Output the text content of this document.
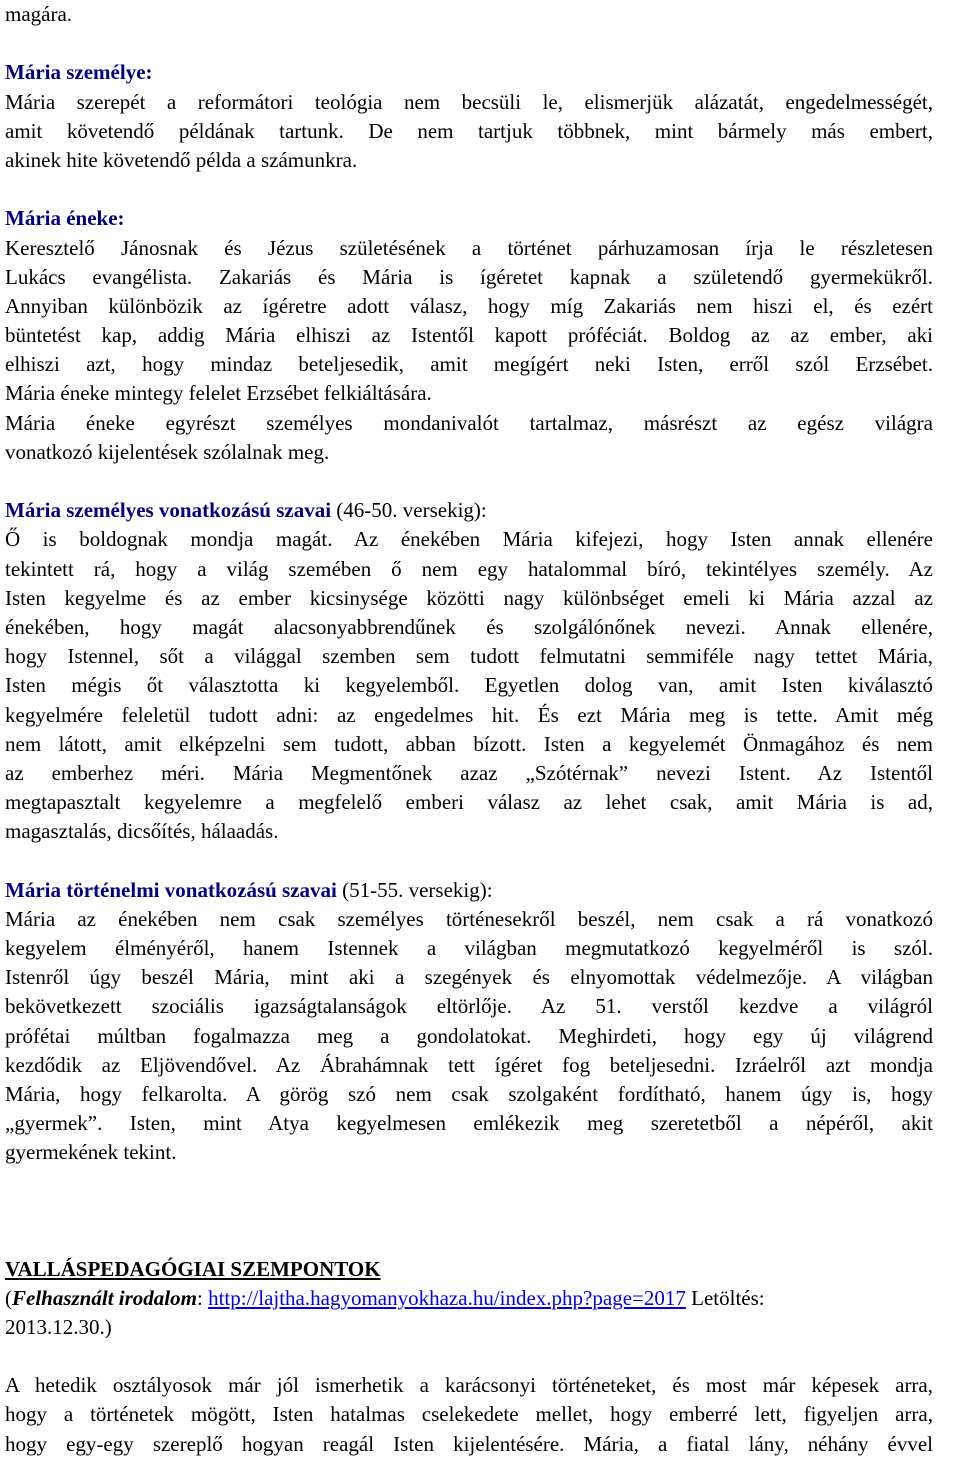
magára.
Mária személye:
Mária szerepét a reformátori teológia nem becsüli le, elismerjük alázatát, engedelmességét,
amit követendő példának tartunk. De nem tartjuk többnek, mint bármely más embert,
akinek hite követendő példa a számunkra.
Mária éneke:
Keresztelő Jánosnak és Jézus születésének a történet párhuzamosan írja le részletesen
Lukács evangélista. Zakariás és Mária is ígéretet kapnak a születendő gyermekükről.
Annyiban különbözik az ígéretre adott válasz, hogy míg Zakariás nem hiszi el, és ezért
büntetést kap, addig Mária elhiszi az Istentől kapott próféciát. Boldog az az ember, aki
elhiszi azt, hogy mindaz beteljesedik, amit megígért neki Isten, erről szól Erzsébet.
Mária éneke mintegy felelet Erzsébet felkiáltására.
Mária éneke egyrészt személyes mondanivalót tartalmaz, másrészt az egész világra
vonatkozó kijelentések szólalnak meg.
Mária személyes vonatkozású szavai (46-50. versekig):
Ő is boldognak mondja magát. Az énekében Mária kifejezi, hogy Isten annak ellenére
tekintett rá, hogy a világ szemében ő nem egy hatalommal bíró, tekintélyes személy. Az
Isten kegyelme és az ember kicsinysége közötti nagy különbséget emeli ki Mária azzal az
énekében, hogy magát alacsonyabbrendűnek és szolgálónőnek nevezi. Annak ellenére,
hogy Istennel, sőt a világgal szemben sem tudott felmutatni semmiféle nagy tettet Mária,
Isten mégis őt választotta ki kegyelemből. Egyetlen dolog van, amit Isten kiválasztó
kegyelmére feleletül tudott adni: az engedelmes hit. És ezt Mária meg is tette. Amit még
nem látott, amit elképzelni sem tudott, abban bízott. Isten a kegyelemét Önmagához és nem
az emberhez méri. Mária Megmentőnek azaz „Szótérnak” nevezi Istent. Az Istentől
megtapasztalt kegyelemre a megfelelő emberi válasz az lehet csak, amit Mária is ad,
magasztalás, dicsőítés, hálaadás.
Mária történelmi vonatkozású szavai (51-55. versekig):
Mária az énekében nem csak személyes történesekről beszél, nem csak a rá vonatkozó
kegyelem élményéről, hanem Istennek a világban megmutatkozó kegyelméről is szól.
Istenről úgy beszél Mária, mint aki a szegények és elnyomottak védelmezője. A világban
bekövetkezett szociális igazságtalanságok eltörlője. Az 51. verstől kezdve a világról
prófétai múltban fogalmazza meg a gondolatokat. Meghirdeti, hogy egy új világrend
kezdődik az Eljövendővel. Az Ábrahámnak tett ígéret fog beteljesedni. Izráelről azt mondja
Mária, hogy felkarolta. A görög szó nem csak szolgaként fordítható, hanem úgy is, hogy
„gyermek”. Isten, mint Atya kegyelmesen emlékezik meg szeretetből a népéről, akit
gyermekének tekint.
VALLÁSPEDAGÓGIAI SZEMPONTOK
(Felhasznált irodalom: http://lajtha.hagyomanyokhaza.hu/index.php?page=2017 Letöltés:
2013.12.30.)
A hetedik osztályosok már jól ismerhetik a karácsonyi történeteket, és most már képesek arra,
hogy a történetek mögött, Isten hatalmas cselekedete mellet, hogy emberré lett, figyeljen arra,
hogy egy-egy szereplő hogyan reagál Isten kijelentésére. Mária, a fiatal lány, néhány évvel
